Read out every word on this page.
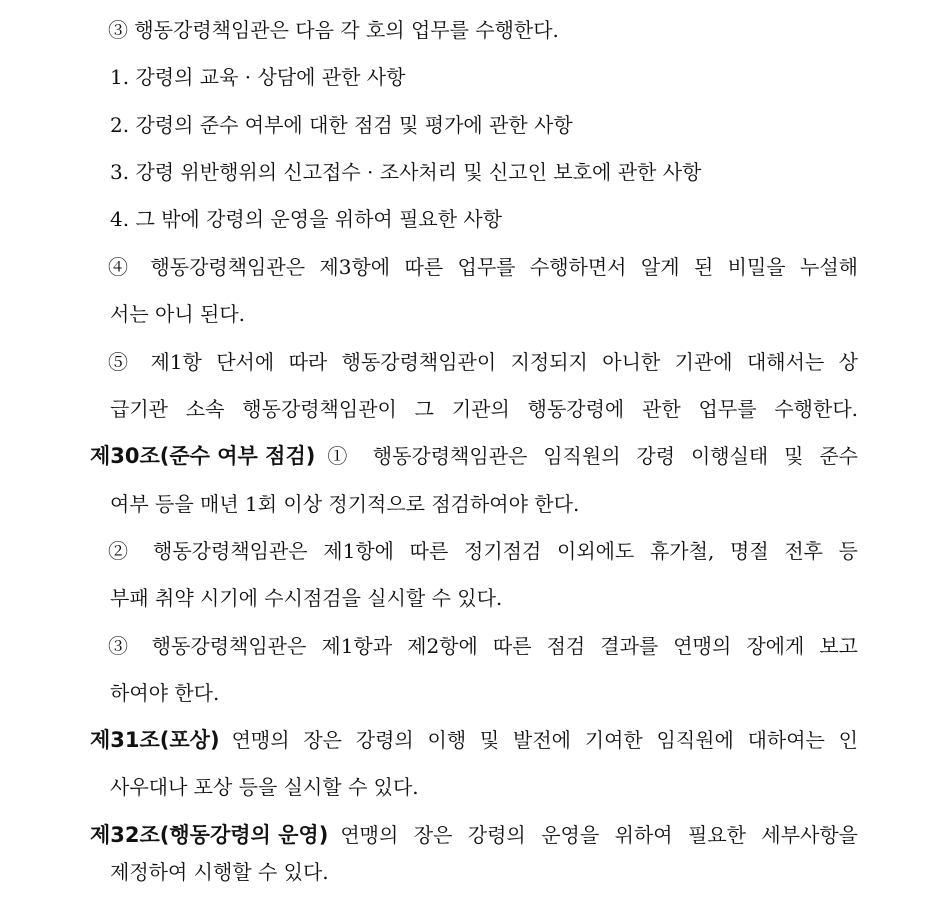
③ 행동강령책임관은 다음 각 호의 업무를 수행한다.
1. 강령의 교육 · 상담에 관한 사항
2. 강령의 준수 여부에 대한 점검 및 평가에 관한 사항
3. 강령 위반행위의 신고접수 · 조사처리 및 신고인 보호에 관한 사항
4. 그 밖에 강령의 운영을 위하여 필요한 사항
④ 행동강령책임관은 제3항에 따른 업무를 수행하면서 알게 된 비밀을 누설해
서는 아니 된다.
⑤ 제1항 단서에 따라 행동강령책임관이 지정되지 아니한 기관에 대해서는 상
급기관 소속 행동강령책임관이 그 기관의 행동강령에 관한 업무를 수행한다.
제30조(준수 여부 점검) ① 행동강령책임관은 임직원의 강령 이행실태 및 준수
여부 등을 매년 1회 이상 정기적으로 점검하여야 한다.
② 행동강령책임관은 제1항에 따른 정기점검 이외에도 휴가철, 명절 전후 등
부패 취약 시기에 수시점검을 실시할 수 있다.
③ 행동강령책임관은 제1항과 제2항에 따른 점검 결과를 연맹의 장에게 보고
하여야 한다.
제31조(포상) 연맹의 장은 강령의 이행 및 발전에 기여한 임직원에 대하여는 인
사우대나 포상 등을 실시할 수 있다.
제32조(행동강령의 운영) 연맹의 장은 강령의 운영을 위하여 필요한 세부사항을
제정하여 시행할 수 있다.
